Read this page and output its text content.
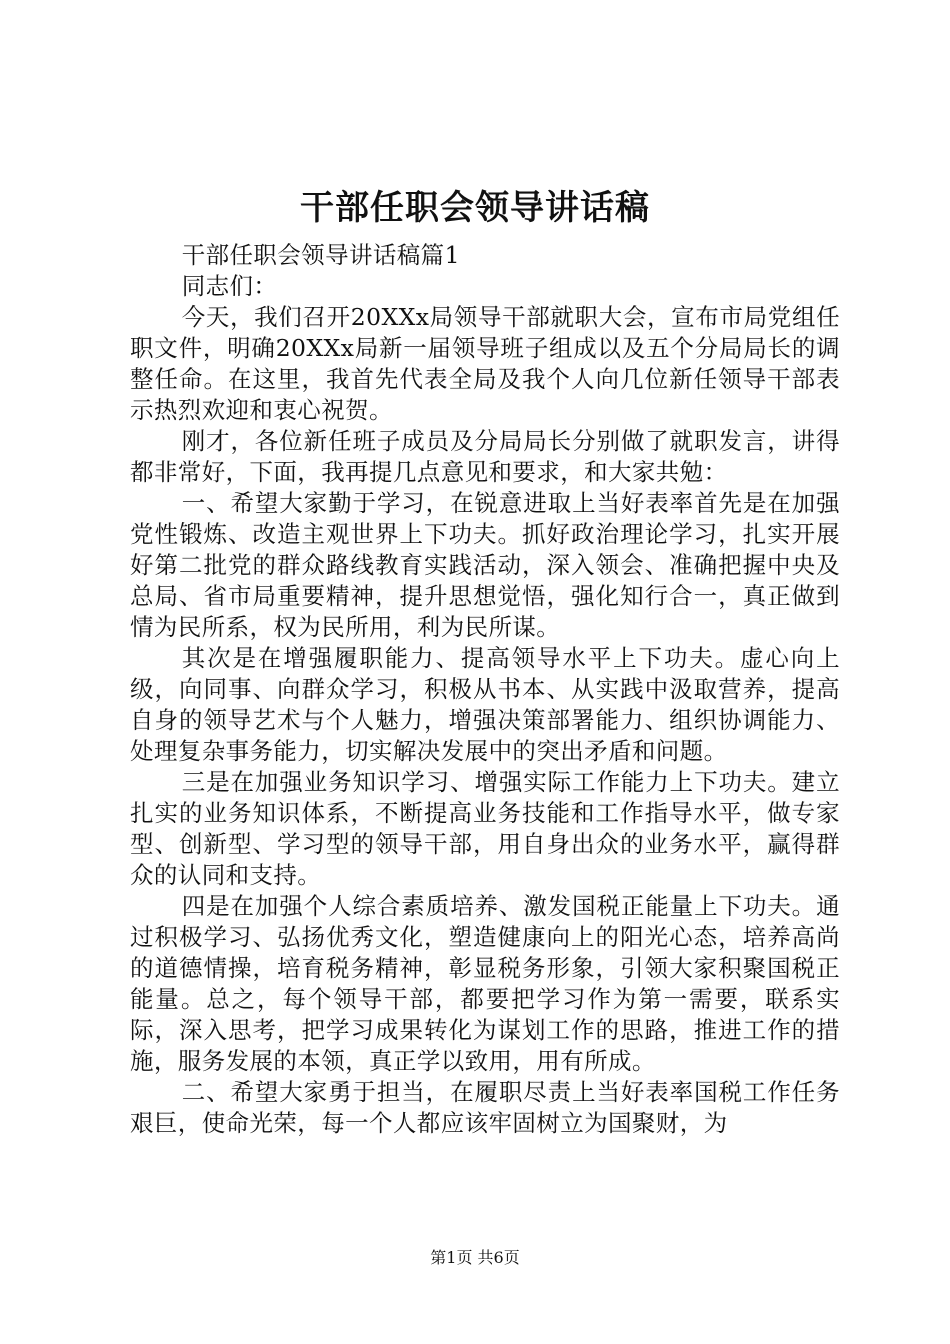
干部任职会领导讲话稿

干部任职会领导讲话稿篇1

同志们：

今天，我们召开20XXx局领导干部就职大会，宣布市局党组任职文件，明确20XXx局新一届领导班子组成以及五个分局局长的调整任命。在这里，我首先代表全局及我个人向几位新任领导干部表示热烈欢迎和衷心祝贺。

刚才，各位新任班子成员及分局局长分别做了就职发言，讲得都非常好，下面，我再提几点意见和要求，和大家共勉：

一、希望大家勤于学习，在锐意进取上当好表率首先是在加强党性锻炼、改造主观世界上下功夫。抓好政治理论学习，扎实开展好第二批党的群众路线教育实践活动，深入领会、准确把握中央及总局、省市局重要精神，提升思想觉悟，强化知行合一，真正做到情为民所系，权为民所用，利为民所谋。

其次是在增强履职能力、提高领导水平上下功夫。虚心向上级，向同事、向群众学习，积极从书本、从实践中汲取营养，提高自身的领导艺术与个人魅力，增强决策部署能力、组织协调能力、处理复杂事务能力，切实解决发展中的突出矛盾和问题。

三是在加强业务知识学习、增强实际工作能力上下功夫。建立扎实的业务知识体系，不断提高业务技能和工作指导水平，做专家型、创新型、学习型的领导干部，用自身出众的业务水平，赢得群众的认同和支持。

四是在加强个人综合素质培养、激发国税正能量上下功夫。通过积极学习、弘扬优秀文化，塑造健康向上的阳光心态，培养高尚的道德情操，培育税务精神，彰显税务形象，引领大家积聚国税正能量。总之，每个领导干部，都要把学习作为第一需要，联系实际，深入思考，把学习成果转化为谋划工作的思路，推进工作的措施，服务发展的本领，真正学以致用，用有所成。

二、希望大家勇于担当，在履职尽责上当好表率国税工作任务艰巨，使命光荣，每一个人都应该牢固树立为国聚财，为

第1页 共6页
